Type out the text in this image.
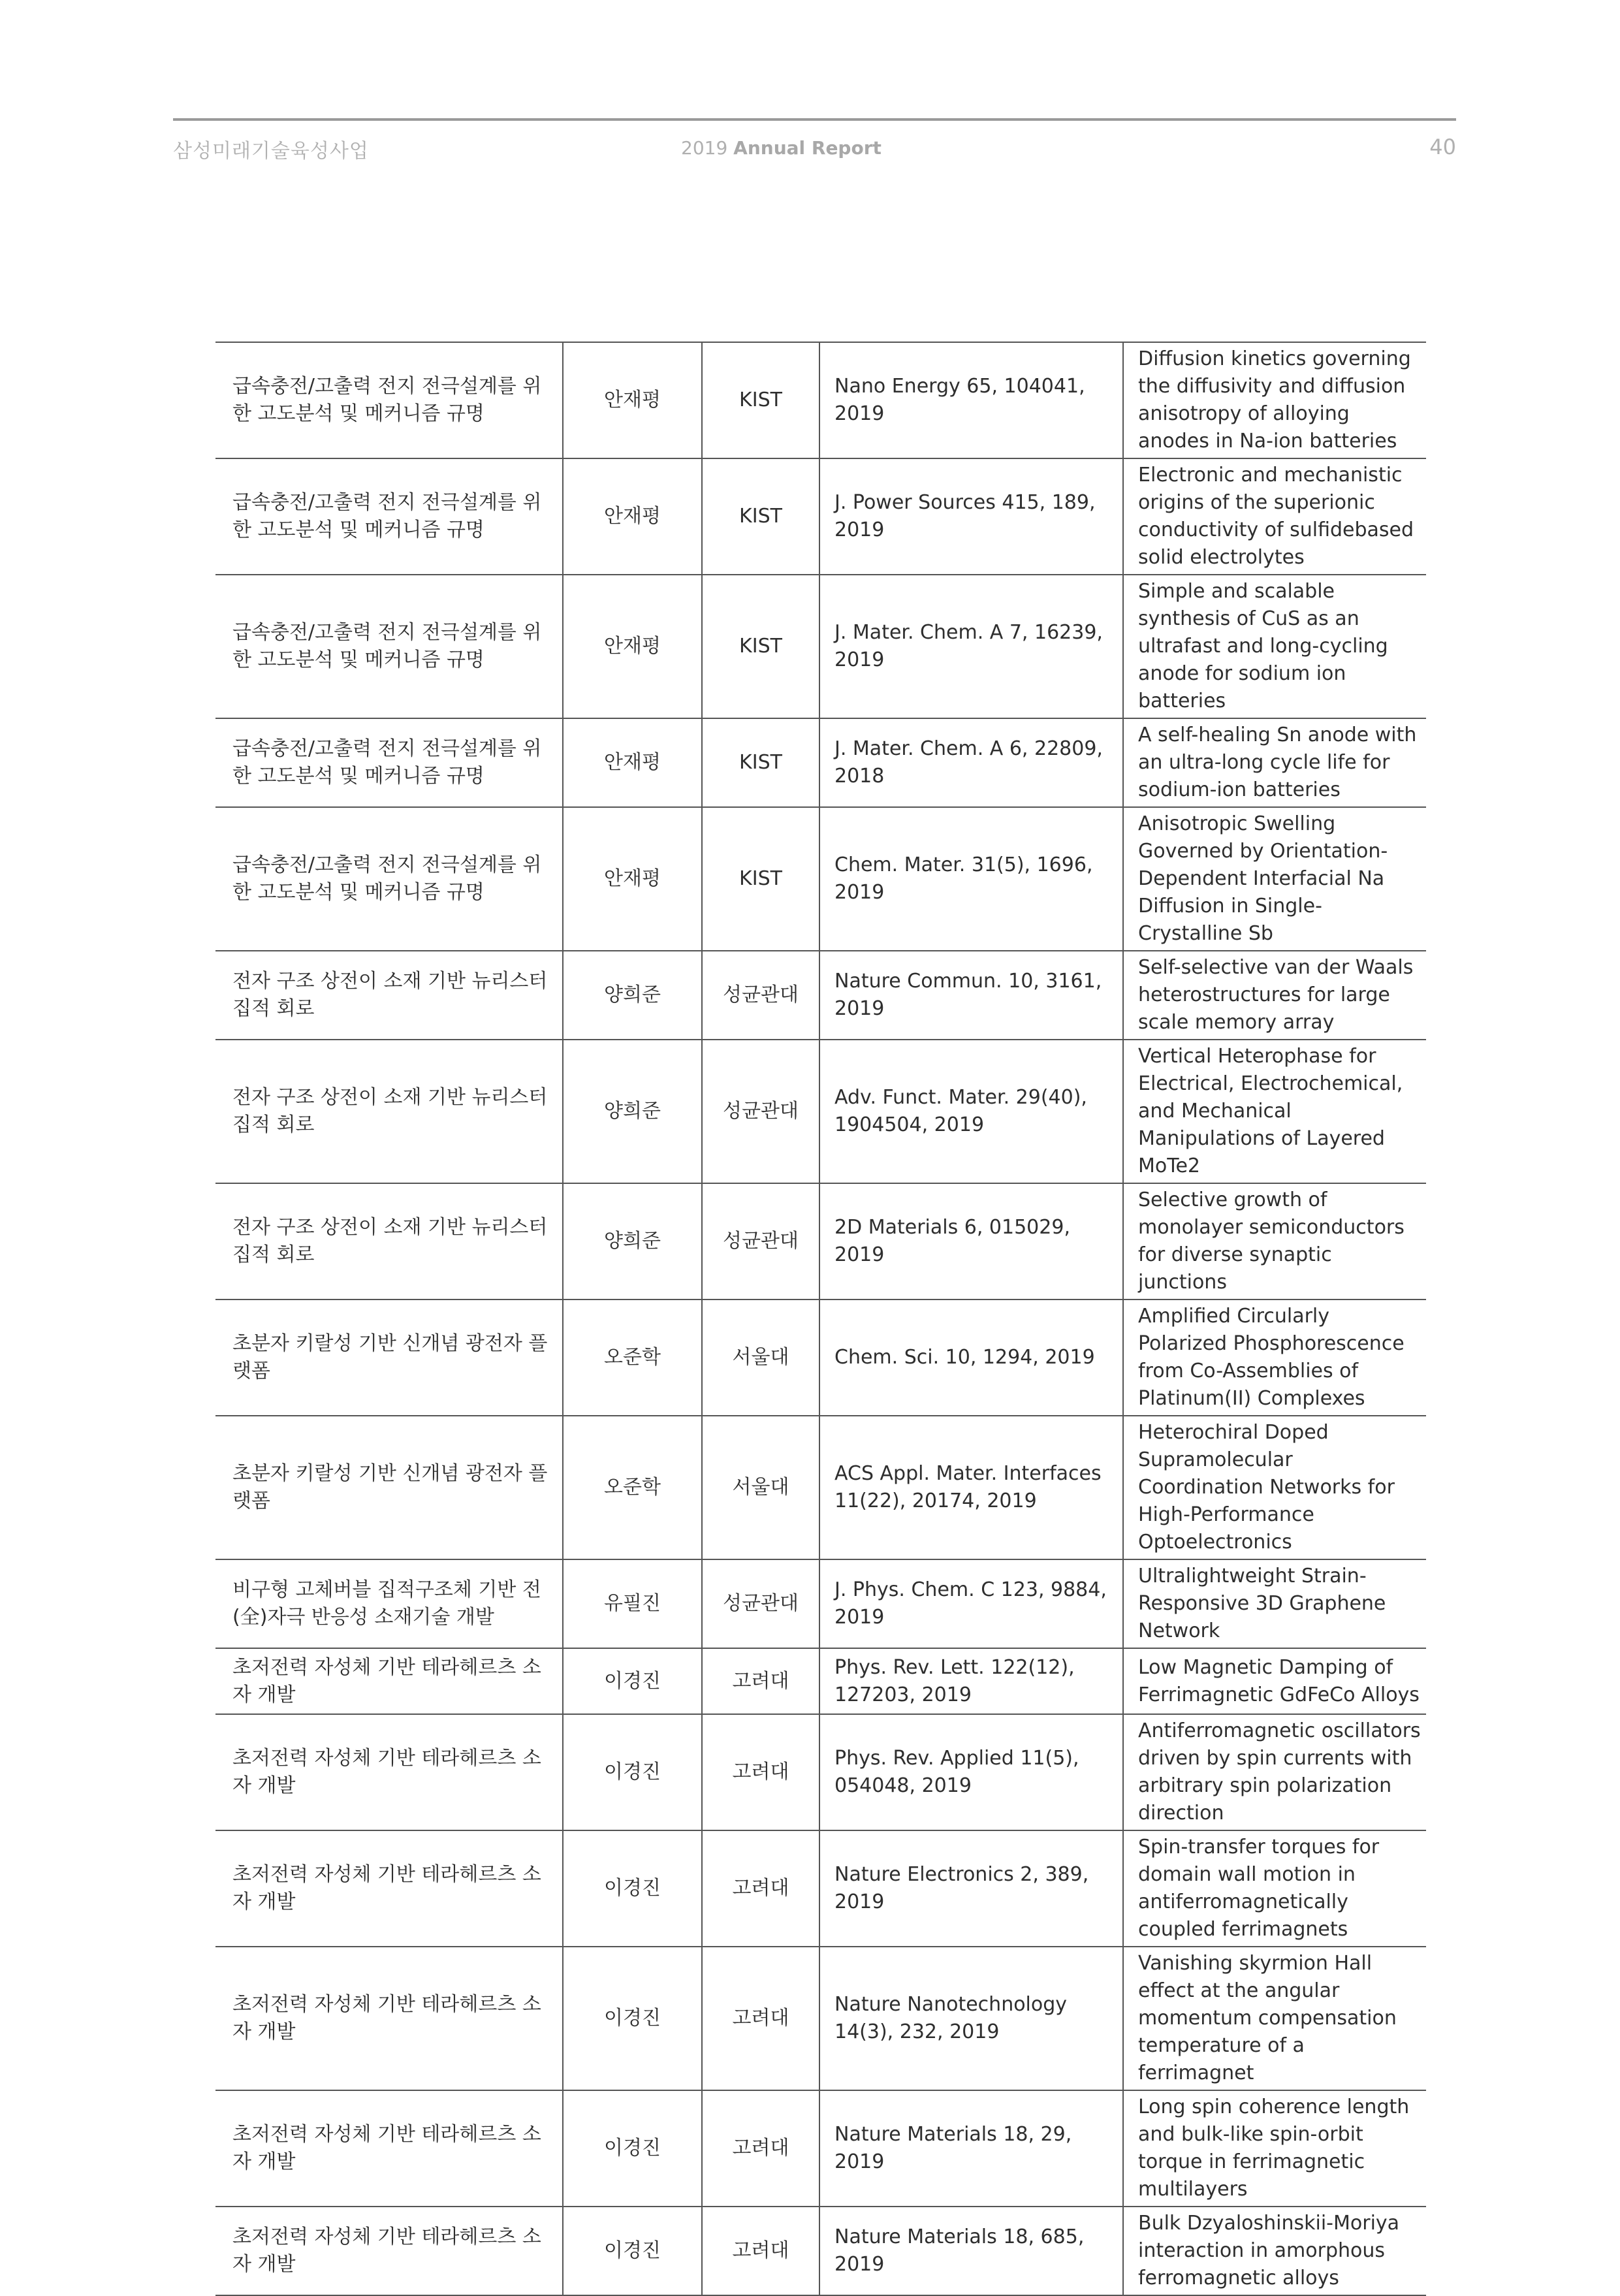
삼성미래기술육성사업	2019 Annual Report	40
급속충전/고출력 전지 전극설계를 위한 고도분석 및 메커니즘 규명	안재평	KIST	Nano Energy 65, 104041, 2019	Diffusion kinetics governing the diffusivity and diffusion anisotropy of alloying anodes in Na-ion batteries
급속충전/고출력 전지 전극설계를 위한 고도분석 및 메커니즘 규명	안재평	KIST	J. Power Sources 415, 189, 2019	Electronic and mechanistic origins of the superionic conductivity of sulfidebased solid electrolytes
급속충전/고출력 전지 전극설계를 위한 고도분석 및 메커니즘 규명	안재평	KIST	J. Mater. Chem. A 7, 16239, 2019	Simple and scalable synthesis of CuS as an ultrafast and long-cycling anode for sodium ion batteries
급속충전/고출력 전지 전극설계를 위한 고도분석 및 메커니즘 규명	안재평	KIST	J. Mater. Chem. A 6, 22809, 2018	A self-healing Sn anode with an ultra-long cycle life for sodium-ion batteries
급속충전/고출력 전지 전극설계를 위한 고도분석 및 메커니즘 규명	안재평	KIST	Chem. Mater. 31(5), 1696, 2019	Anisotropic Swelling Governed by Orientation-Dependent Interfacial Na Diffusion in Single-Crystalline Sb
전자 구조 상전이 소재 기반 뉴리스터 집적 회로	양희준	성균관대	Nature Commun. 10, 3161, 2019	Self-selective van der Waals heterostructures for large scale memory array
전자 구조 상전이 소재 기반 뉴리스터 집적 회로	양희준	성균관대	Adv. Funct. Mater. 29(40), 1904504, 2019	Vertical Heterophase for Electrical, Electrochemical, and Mechanical Manipulations of Layered MoTe2
전자 구조 상전이 소재 기반 뉴리스터 집적 회로	양희준	성균관대	2D Materials 6, 015029, 2019	Selective growth of monolayer semiconductors for diverse synaptic junctions
초분자 키랄성 기반 신개념 광전자 플랫폼	오준학	서울대	Chem. Sci. 10, 1294, 2019	Amplified Circularly Polarized Phosphorescence from Co-Assemblies of Platinum(II) Complexes
초분자 키랄성 기반 신개념 광전자 플랫폼	오준학	서울대	ACS Appl. Mater. Interfaces 11(22), 20174, 2019	Heterochiral Doped Supramolecular Coordination Networks for High-Performance Optoelectronics
비구형 고체버블 집적구조체 기반 전(全)자극 반응성 소재기술 개발	유필진	성균관대	J. Phys. Chem. C 123, 9884, 2019	Ultralightweight Strain-Responsive 3D Graphene Network
초저전력 자성체 기반 테라헤르츠 소자 개발	이경진	고려대	Phys. Rev. Lett. 122(12), 127203, 2019	Low Magnetic Damping of Ferrimagnetic GdFeCo Alloys
초저전력 자성체 기반 테라헤르츠 소자 개발	이경진	고려대	Phys. Rev. Applied 11(5), 054048, 2019	Antiferromagnetic oscillators driven by spin currents with arbitrary spin polarization direction
초저전력 자성체 기반 테라헤르츠 소자 개발	이경진	고려대	Nature Electronics 2, 389, 2019	Spin-transfer torques for domain wall motion in antiferromagnetically coupled ferrimagnets
초저전력 자성체 기반 테라헤르츠 소자 개발	이경진	고려대	Nature Nanotechnology 14(3), 232, 2019	Vanishing skyrmion Hall effect at the angular momentum compensation temperature of a ferrimagnet
초저전력 자성체 기반 테라헤르츠 소자 개발	이경진	고려대	Nature Materials 18, 29, 2019	Long spin coherence length and bulk-like spin-orbit torque in ferrimagnetic multilayers
초저전력 자성체 기반 테라헤르츠 소자 개발	이경진	고려대	Nature Materials 18, 685, 2019	Bulk Dzyaloshinskii-Moriya interaction in amorphous ferromagnetic alloys
